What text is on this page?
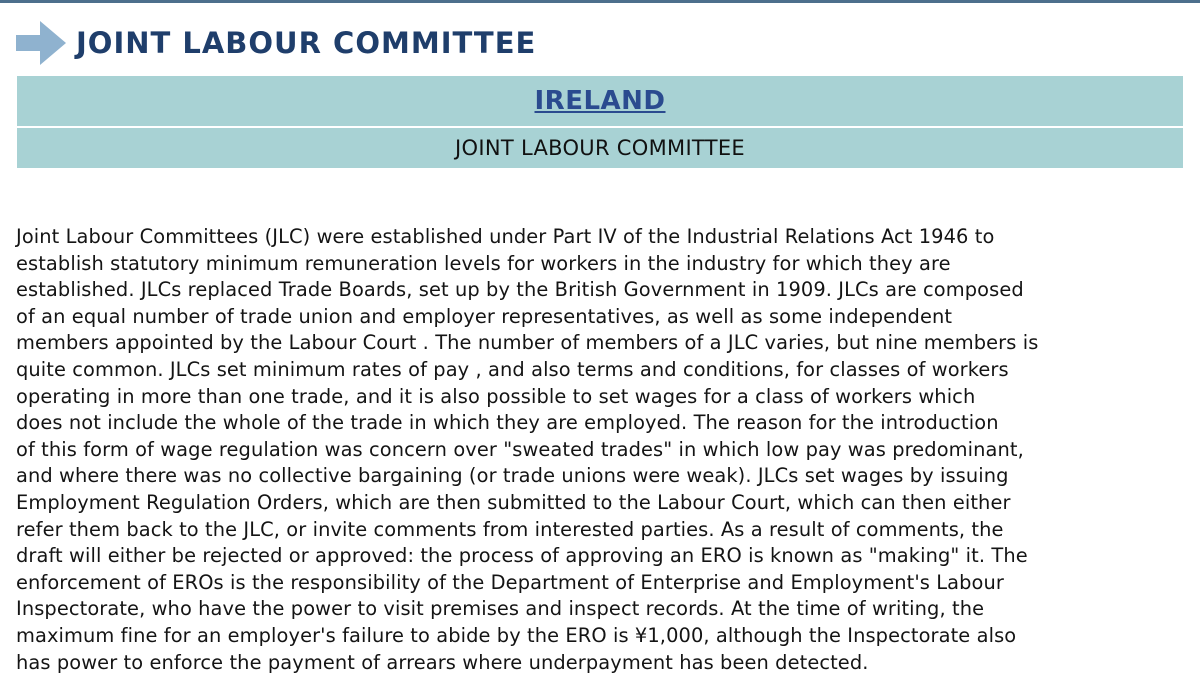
JOINT LABOUR COMMITTEE
IRELAND
JOINT LABOUR COMMITTEE
Joint Labour Committees (JLC) were established under Part IV of the Industrial Relations Act 1946 to
establish statutory minimum remuneration levels for workers in the industry for which they are
established. JLCs replaced Trade Boards, set up by the British Government in 1909. JLCs are composed
of an equal number of trade union and employer representatives, as well as some independent
members appointed by the Labour Court . The number of members of a JLC varies, but nine members is
quite common. JLCs set minimum rates of pay , and also terms and conditions, for classes of workers
operating in more than one trade, and it is also possible to set wages for a class of workers which
does not include the whole of the trade in which they are employed. The reason for the introduction
of this form of wage regulation was concern over "sweated trades" in which low pay was predominant,
and where there was no collective bargaining (or trade unions were weak). JLCs set wages by issuing
Employment Regulation Orders, which are then submitted to the Labour Court, which can then either
refer them back to the JLC, or invite comments from interested parties. As a result of comments, the
draft will either be rejected or approved: the process of approving an ERO is known as "making" it. The
enforcement of EROs is the responsibility of the Department of Enterprise and Employment's Labour
Inspectorate, who have the power to visit premises and inspect records. At the time of writing, the
maximum fine for an employer's failure to abide by the ERO is ¥1,000, although the Inspectorate also
has power to enforce the payment of arrears where underpayment has been detected.
